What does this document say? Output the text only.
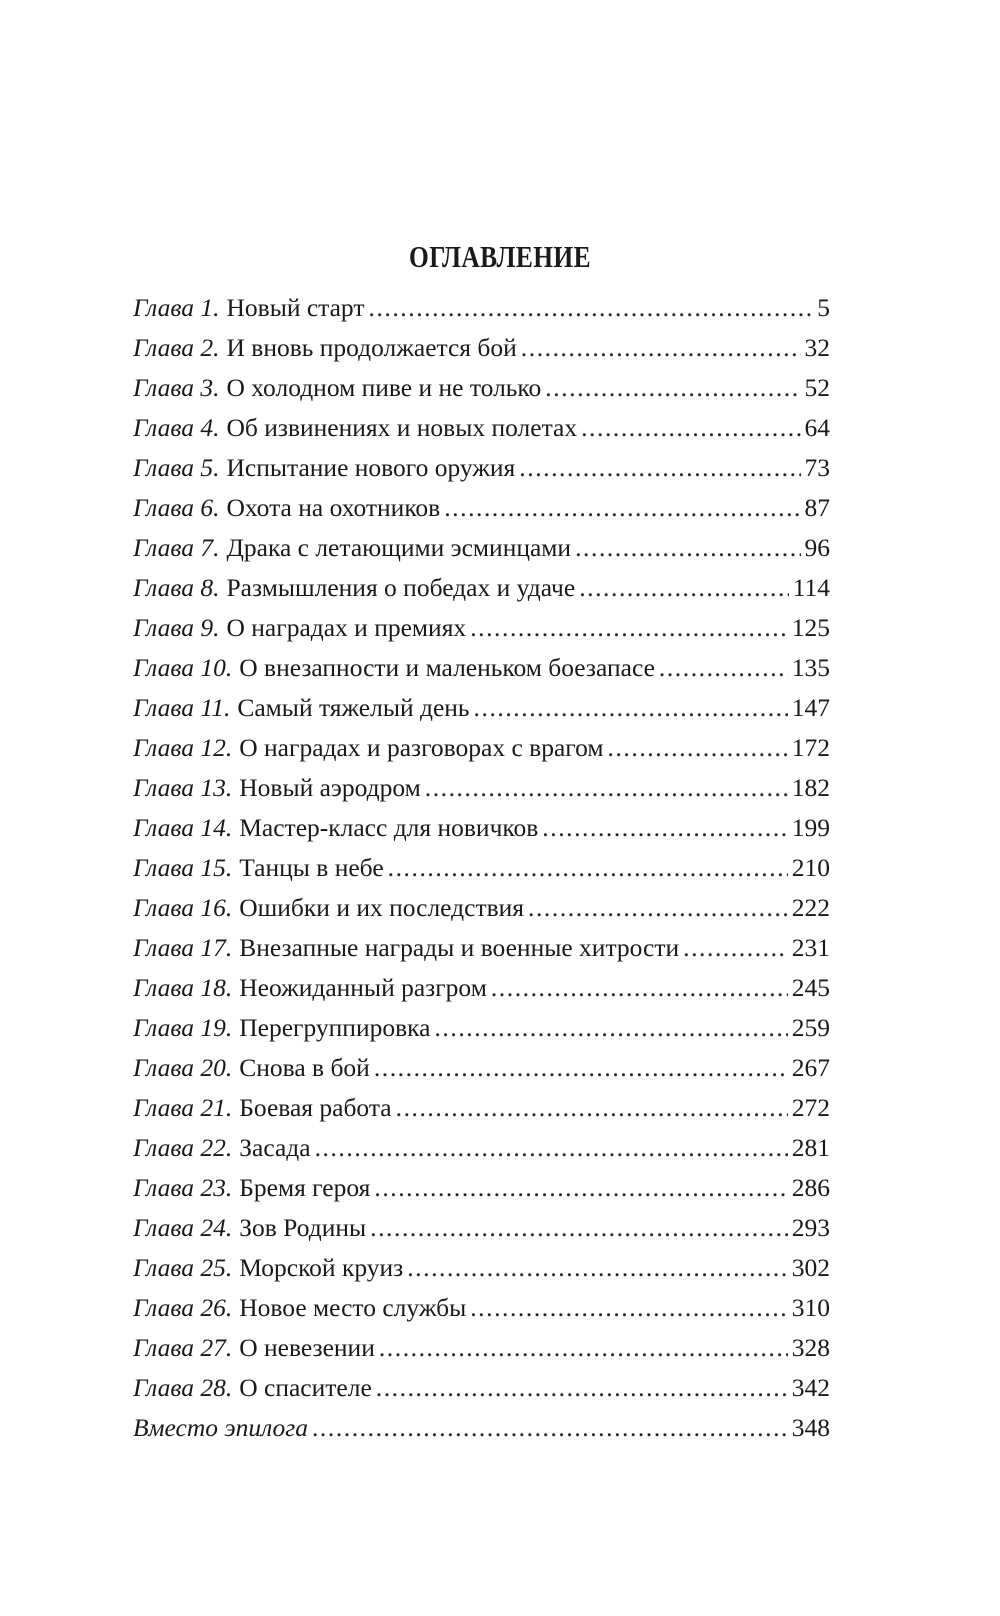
ОГЛАВЛЕНИЕ
Глава 1. Новый старт . . .	5
Глава 2. И вновь продолжается бой . . .	32
Глава 3. О холодном пиве и не только . . .	52
Глава 4. Об извинениях и новых полетах . . .	64
Глава 5. Испытание нового оружия . . .	73
Глава 6. Охота на охотников . . .	87
Глава 7. Драка с летающими эсминцами . . .	96
Глава 8. Размышления о победах и удаче . . .	114
Глава 9. О наградах и премиях . . .	125
Глава 10. О внезапности и маленьком боезапасе . . .	135
Глава 11. Самый тяжелый день . . .	147
Глава 12. О наградах и разговорах с врагом . . .	172
Глава 13. Новый аэродром . . .	182
Глава 14. Мастер-класс для новичков . . .	199
Глава 15. Танцы в небе . . .	210
Глава 16. Ошибки и их последствия . . .	222
Глава 17. Внезапные награды и военные хитрости . . .	231
Глава 18. Неожиданный разгром . . .	245
Глава 19. Перегруппировка . . .	259
Глава 20. Снова в бой . . .	267
Глава 21. Боевая работа . . .	272
Глава 22. Засада . . .	281
Глава 23. Бремя героя . . .	286
Глава 24. Зов Родины . . .	293
Глава 25. Морской круиз . . .	302
Глава 26. Новое место службы . . .	310
Глава 27. О невезении . . .	328
Глава 28. О спасителе . . .	342
Вместо эпилога . . .	348
